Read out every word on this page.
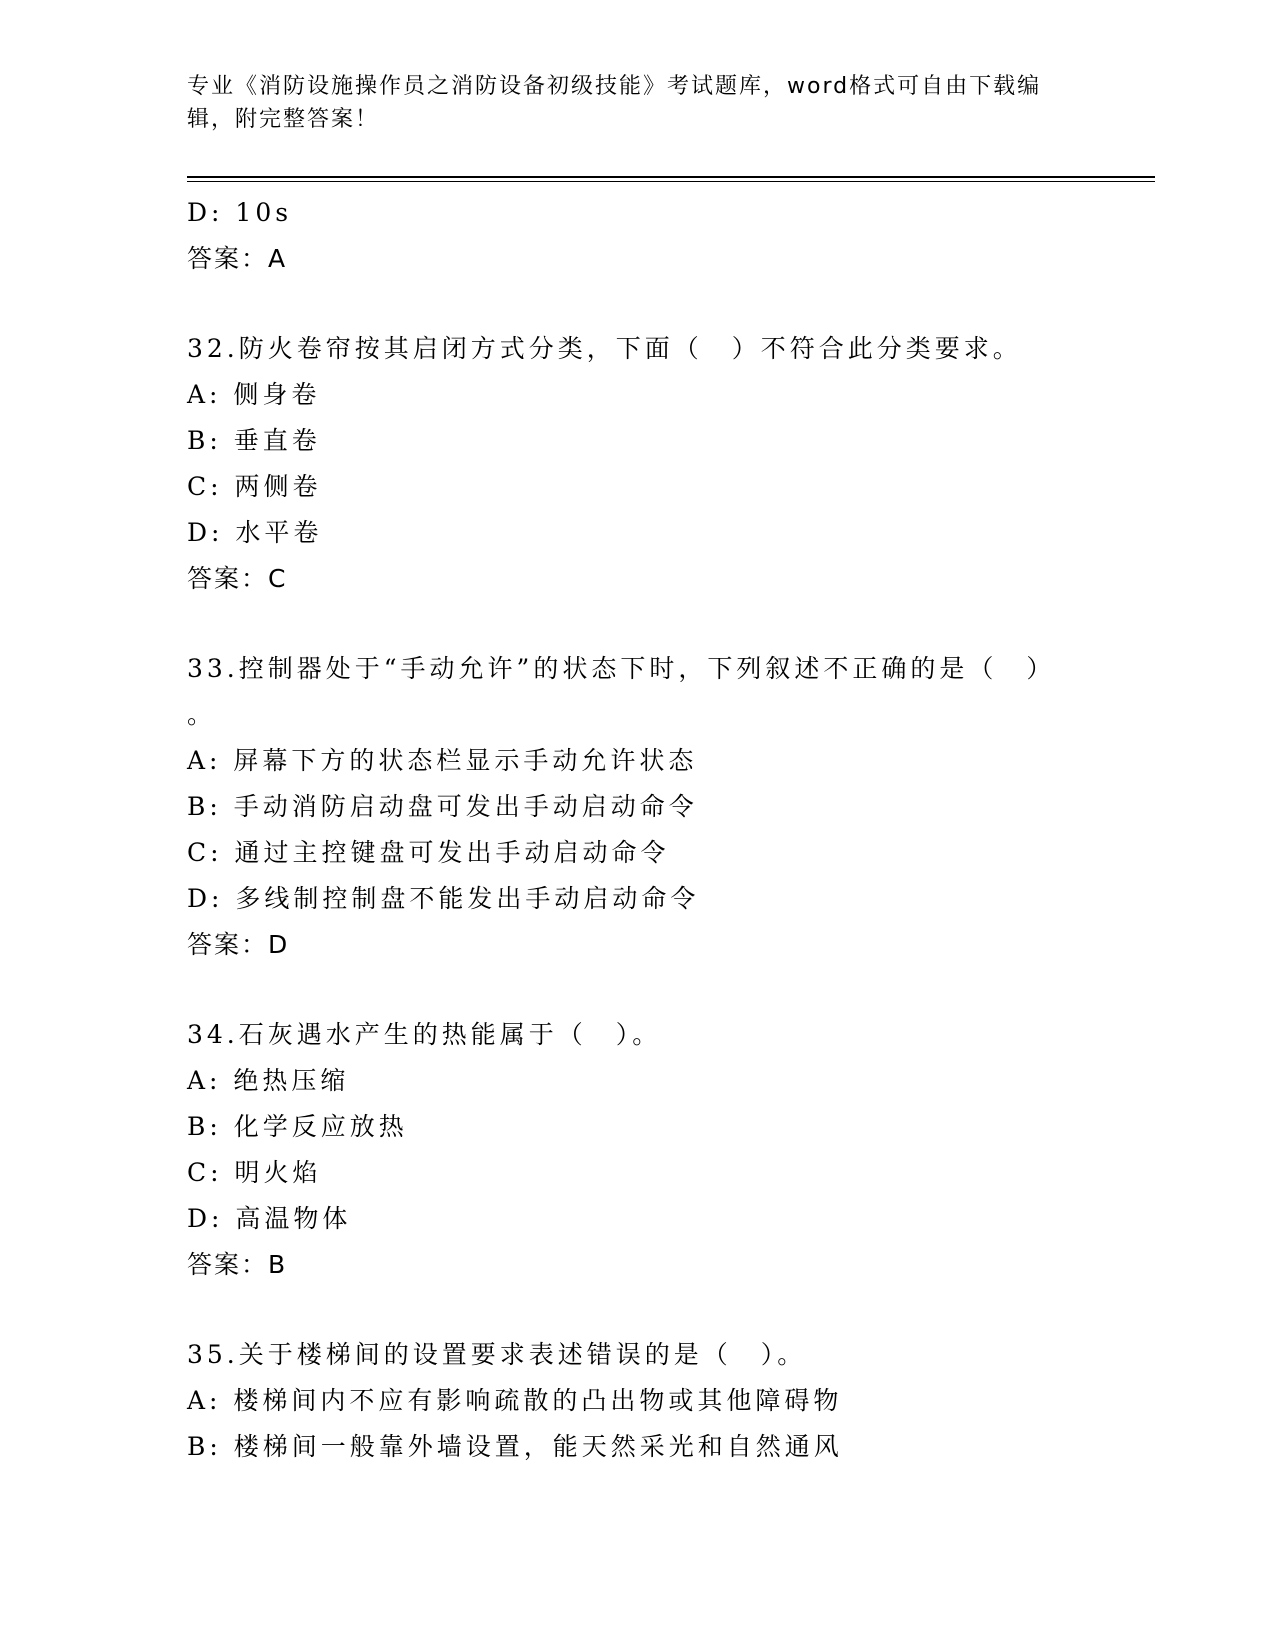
专业《消防设施操作员之消防设备初级技能》考试题库，word格式可自由下载编
辑，附完整答案！
D: 10s
答案：A
32.防火卷帘按其启闭方式分类，下面（　）不符合此分类要求。
A: 侧身卷
B: 垂直卷
C: 两侧卷
D: 水平卷
答案：C
33.控制器处于“手动允许”的状态下时，下列叙述不正确的是（　）
。
A: 屏幕下方的状态栏显示手动允许状态
B: 手动消防启动盘可发出手动启动命令
C: 通过主控键盘可发出手动启动命令
D: 多线制控制盘不能发出手动启动命令
答案：D
34.石灰遇水产生的热能属于（　）。
A: 绝热压缩
B: 化学反应放热
C: 明火焰
D: 高温物体
答案：B
35.关于楼梯间的设置要求表述错误的是（　）。
A: 楼梯间内不应有影响疏散的凸出物或其他障碍物
B: 楼梯间一般靠外墙设置，能天然采光和自然通风
